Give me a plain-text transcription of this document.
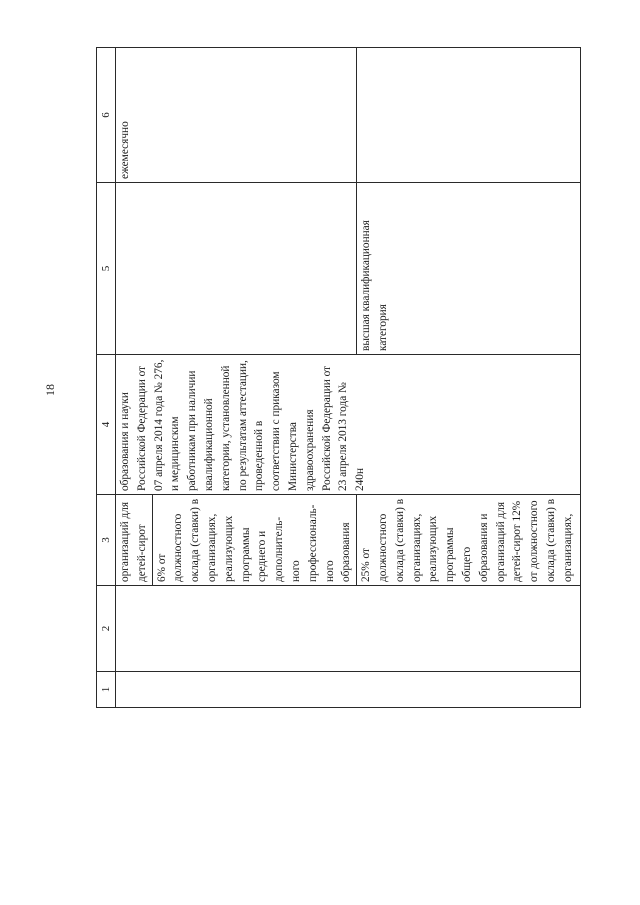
18
1	2	3	4	5	6
		организаций для детей-сирот	образования и науки Российской Федерации от 07 апреля 2014 года № 276, и медицинским работникам при наличии квалификационной категории, установленной по результатам аттестации, проведенной в соответствии с приказом Министерства здравоохранения Российской Федерации от 23 апреля 2013 года № 240н		ежемесячно
		6% от должностного оклада (ставки) в организациях, реализующих программы среднего и дополнитель-ного профессиональ-ного образования			
		25% от должностного оклада (ставки) в организациях, реализующих программы общего образования и организаций для детей-сирот 12% от должностного оклада (ставки) в организациях,		высшая квалификационная категория	
